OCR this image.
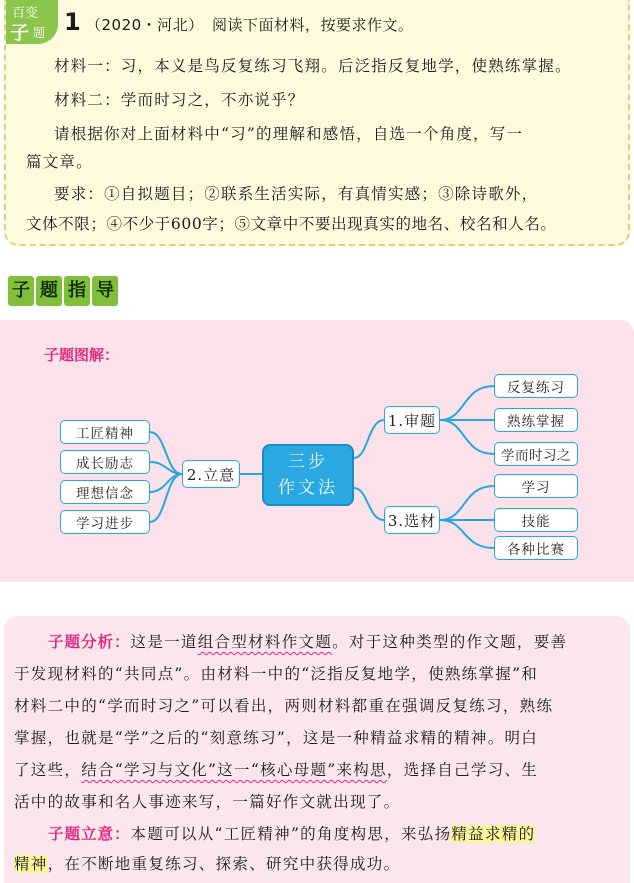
百变
子 题 1 （2020・河北） 阅读下面材料，按要求作文。
材料一：习，本义是鸟反复练习飞翔。后泛指反复地学，使熟练掌握。
材料二：学而时习之，不亦说乎？
请根据你对上面材料中“习”的理解和感悟，自选一个角度，写一
篇文章。
要求：①自拟题目；②联系生活实际，有真情实感；③除诗歌外，
文体不限；④不少于600字；⑤文章中不要出现真实的地名、校名和人名。
子 题 指 导
子题图解：
三步
作文法
2.立意
工匠精神
成长励志
理想信念
学习进步
1.审题
反复练习
熟练掌握
学而时习之
3.选材
学习
技能
各种比赛
子题分析：这是一道组合型材料作文题。对于这种类型的作文题，要善
于发现材料的“共同点”。由材料一中的“泛指反复地学，使熟练掌握”和
材料二中的“学而时习之”可以看出，两则材料都重在强调反复练习，熟练
掌握，也就是“学”之后的“刻意练习”，这是一种精益求精的精神。明白
了这些，结合“学习与文化”这一“核心母题”来构思，选择自己学习、生
活中的故事和名人事迹来写，一篇好作文就出现了。
子题立意：本题可以从“工匠精神”的角度构思，来弘扬精益求精的
精神，在不断地重复练习、探索、研究中获得成功。
